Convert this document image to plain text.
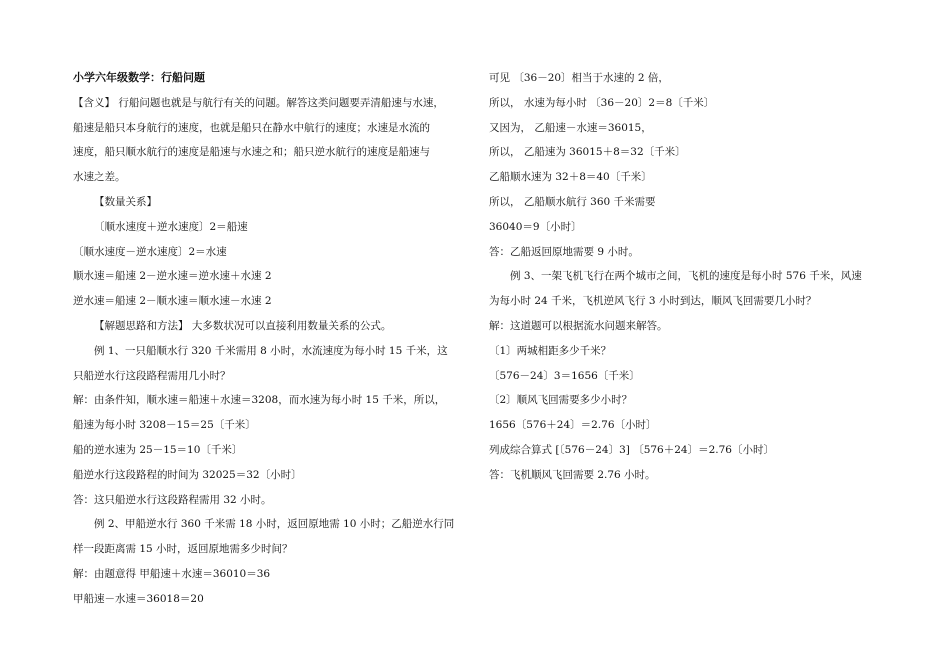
小学六年级数学：行船问题
【含义】 行船问题也就是与航行有关的问题。解答这类问题要弄清船速与水速，
船速是船只本身航行的速度，也就是船只在静水中航行的速度；水速是水流的
速度，船只顺水航行的速度是船速与水速之和；船只逆水航行的速度是船速与
水速之差。
【数量关系】
〔顺水速度＋逆水速度〕2＝船速
〔顺水速度－逆水速度〕2＝水速
顺水速＝船速 2－逆水速＝逆水速＋水速 2
逆水速＝船速 2－顺水速＝顺水速－水速 2
【解题思路和方法】 大多数状况可以直接利用数量关系的公式。
例 1、一只船顺水行 320 千米需用 8 小时，水流速度为每小时 15 千米，这
只船逆水行这段路程需用几小时？
解：由条件知，顺水速＝船速＋水速＝3208，而水速为每小时 15 千米，所以，
船速为每小时 3208－15＝25〔千米〕
船的逆水速为 25－15＝10〔千米〕
船逆水行这段路程的时间为 32025＝32〔小时〕
答：这只船逆水行这段路程需用 32 小时。
例 2、甲船逆水行 360 千米需 18 小时，返回原地需 10 小时；乙船逆水行同
样一段距离需 15 小时，返回原地需多少时间？
解：由题意得 甲船速＋水速＝36010＝36
甲船速－水速＝36018＝20
可见 〔36－20〕相当于水速的 2 倍，
所以， 水速为每小时 〔36－20〕2＝8〔千米〕
又因为， 乙船速－水速＝36015，
所以， 乙船速为 36015＋8＝32〔千米〕
乙船顺水速为 32＋8＝40〔千米〕
所以， 乙船顺水航行 360 千米需要
36040＝9〔小时〕
答：乙船返回原地需要 9 小时。
例 3、一架飞机飞行在两个城市之间，飞机的速度是每小时 576 千米，风速
为每小时 24 千米，飞机逆风飞行 3 小时到达，顺风飞回需要几小时？
解：这道题可以根据流水问题来解答。
〔1〕两城相距多少千米？
〔576－24〕3＝1656〔千米〕
〔2〕顺风飞回需要多少小时？
1656〔576＋24〕＝2.76〔小时〕
列成综合算式 [〔576－24〕3] 〔576＋24〕＝2.76〔小时〕
答：飞机顺风飞回需要 2.76 小时。
